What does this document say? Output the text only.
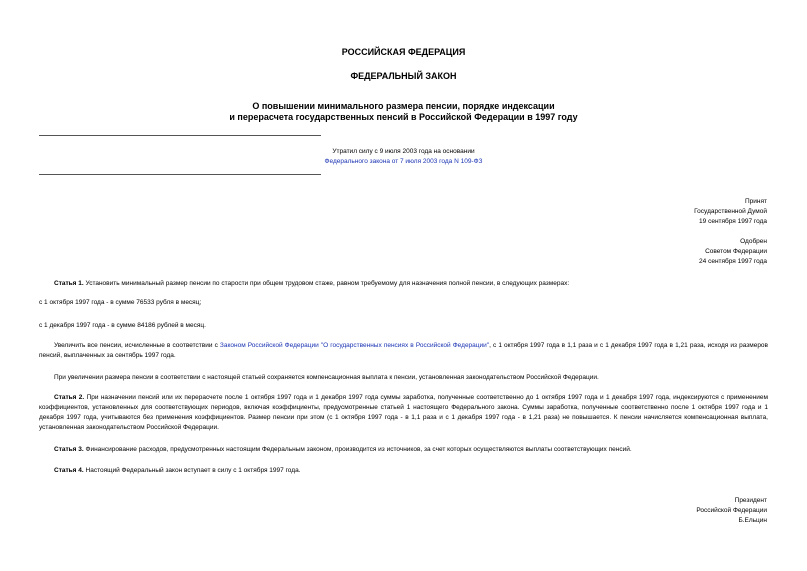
РОССИЙСКАЯ ФЕДЕРАЦИЯ
ФЕДЕРАЛЬНЫЙ ЗАКОН
О повышении минимального размера пенсии, порядке индексации
и перерасчета государственных пенсий в Российской Федерации в 1997 году
Утратил силу с 9 июля 2003 года на основании
Федерального закона от 7 июля 2003 года N 109-ФЗ
Принят
Государственной Думой
19 сентября 1997 года
Одобрен
Советом Федерации
24 сентября 1997 года
Статья 1. Установить минимальный размер пенсии по старости при общем трудовом стаже, равном требуемому для назначения полной пенсии, в следующих размерах:
с 1 октября 1997 года - в сумме 76533 рубля в месяц;
с 1 декабря 1997 года - в сумме 84186 рублей в месяц.
Увеличить все пенсии, исчисленные в соответствии с Законом Российской Федерации "О государственных пенсиях в Российской Федерации", с 1 октября 1997 года в 1,1 раза и с 1 декабря 1997 года в 1,21 раза, исходя из размеров пенсий, выплаченных за сентябрь 1997 года.
При увеличении размера пенсии в соответствии с настоящей статьей сохраняется компенсационная выплата к пенсии, установленная законодательством Российской Федерации.
Статья 2. При назначении пенсий или их перерасчете после 1 октября 1997 года и 1 декабря 1997 года суммы заработка, полученные соответственно до 1 октября 1997 года и 1 декабря 1997 года, индексируются с применением коэффициентов, установленных для соответствующих периодов, включая коэффициенты, предусмотренные статьей 1 настоящего Федерального закона. Суммы заработка, полученные соответственно после 1 октября 1997 года и 1 декабря 1997 года, учитываются без применения коэффициентов. Размер пенсии при этом (с 1 октября 1997 года - в 1,1 раза и с 1 декабря 1997 года - в 1,21 раза) не повышается. К пенсии начисляется компенсационная выплата, установленная законодательством Российской Федерации.
Статья 3. Финансирование расходов, предусмотренных настоящим Федеральным законом, производится из источников, за счет которых осуществляются выплаты соответствующих пенсий.
Статья 4. Настоящий Федеральный закон вступает в силу с 1 октября 1997 года.
Президент
Российской Федерации
Б.Ельцин
